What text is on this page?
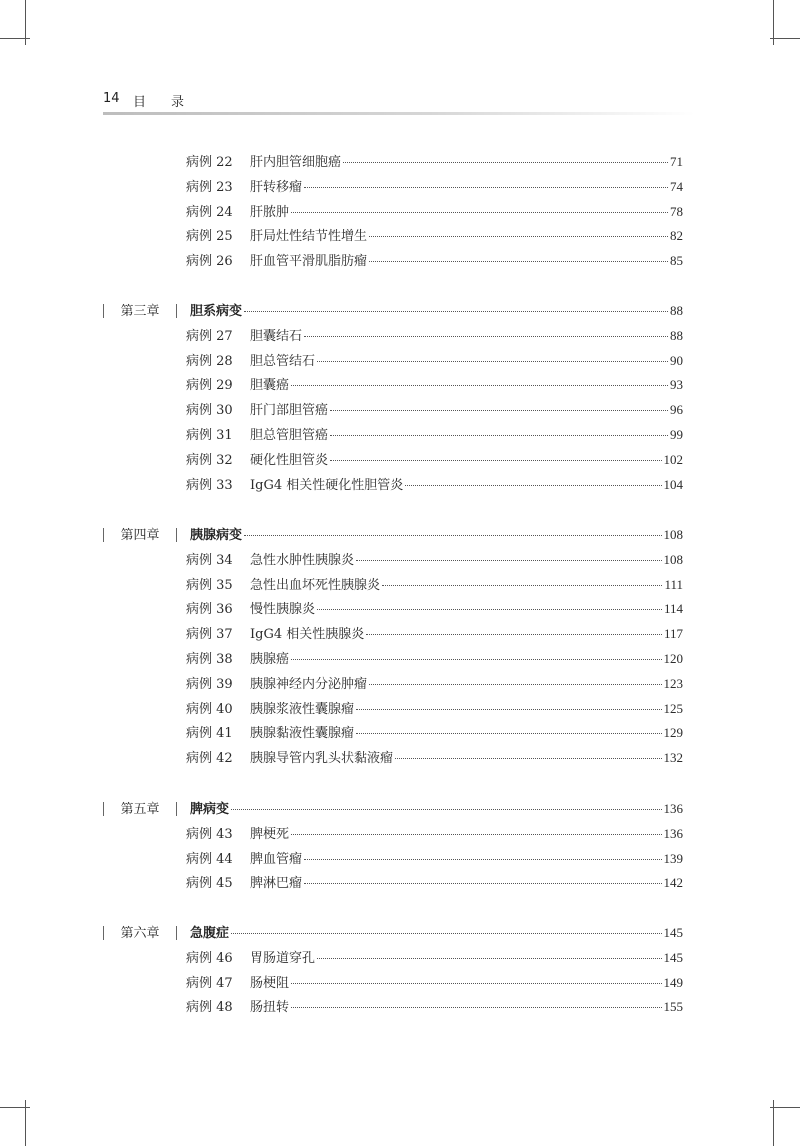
14 目 录
病例 22	肝内胆管细胞癌	71
病例 23	肝转移瘤	74
病例 24	肝脓肿	78
病例 25	肝局灶性结节性增生	82
病例 26	肝血管平滑肌脂肪瘤	85
第三章	胆系病变	88
病例 27	胆囊结石	88
病例 28	胆总管结石	90
病例 29	胆囊癌	93
病例 30	肝门部胆管癌	96
病例 31	胆总管胆管癌	99
病例 32	硬化性胆管炎	102
病例 33	IgG4 相关性硬化性胆管炎	104
第四章	胰腺病变	108
病例 34	急性水肿性胰腺炎	108
病例 35	急性出血坏死性胰腺炎	111
病例 36	慢性胰腺炎	114
病例 37	IgG4 相关性胰腺炎	117
病例 38	胰腺癌	120
病例 39	胰腺神经内分泌肿瘤	123
病例 40	胰腺浆液性囊腺瘤	125
病例 41	胰腺黏液性囊腺瘤	129
病例 42	胰腺导管内乳头状黏液瘤	132
第五章	脾病变	136
病例 43	脾梗死	136
病例 44	脾血管瘤	139
病例 45	脾淋巴瘤	142
第六章	急腹症	145
病例 46	胃肠道穿孔	145
病例 47	肠梗阻	149
病例 48	肠扭转	155
